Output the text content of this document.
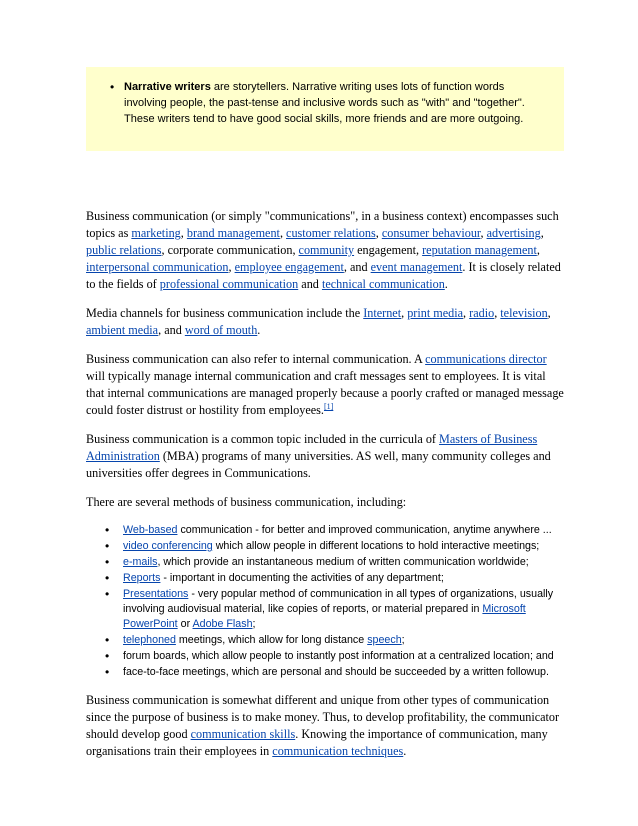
• Narrative writers are storytellers. Narrative writing uses lots of function words involving people, the past-tense and inclusive words such as "with" and "together". These writers tend to have good social skills, more friends and are more outgoing.

Business communication (or simply "communications", in a business context) encompasses such topics as marketing, brand management, customer relations, consumer behaviour, advertising, public relations, corporate communication, community engagement, reputation management, interpersonal communication, employee engagement, and event management. It is closely related to the fields of professional communication and technical communication.

Media channels for business communication include the Internet, print media, radio, television, ambient media, and word of mouth.

Business communication can also refer to internal communication. A communications director will typically manage internal communication and craft messages sent to employees. It is vital that internal communications are managed properly because a poorly crafted or managed message could foster distrust or hostility from employees.[1]

Business communication is a common topic included in the curricula of Masters of Business Administration (MBA) programs of many universities. AS well, many community colleges and universities offer degrees in Communications.

There are several methods of business communication, including:

• Web-based communication - for better and improved communication, anytime anywhere ...
• video conferencing which allow people in different locations to hold interactive meetings;
• e-mails, which provide an instantaneous medium of written communication worldwide;
• Reports - important in documenting the activities of any department;
• Presentations - very popular method of communication in all types of organizations, usually involving audiovisual material, like copies of reports, or material prepared in Microsoft PowerPoint or Adobe Flash;
• telephoned meetings, which allow for long distance speech;
• forum boards, which allow people to instantly post information at a centralized location; and
• face-to-face meetings, which are personal and should be succeeded by a written followup.

Business communication is somewhat different and unique from other types of communication since the purpose of business is to make money. Thus, to develop profitability, the communicator should develop good communication skills. Knowing the importance of communication, many organisations train their employees in communication techniques.
